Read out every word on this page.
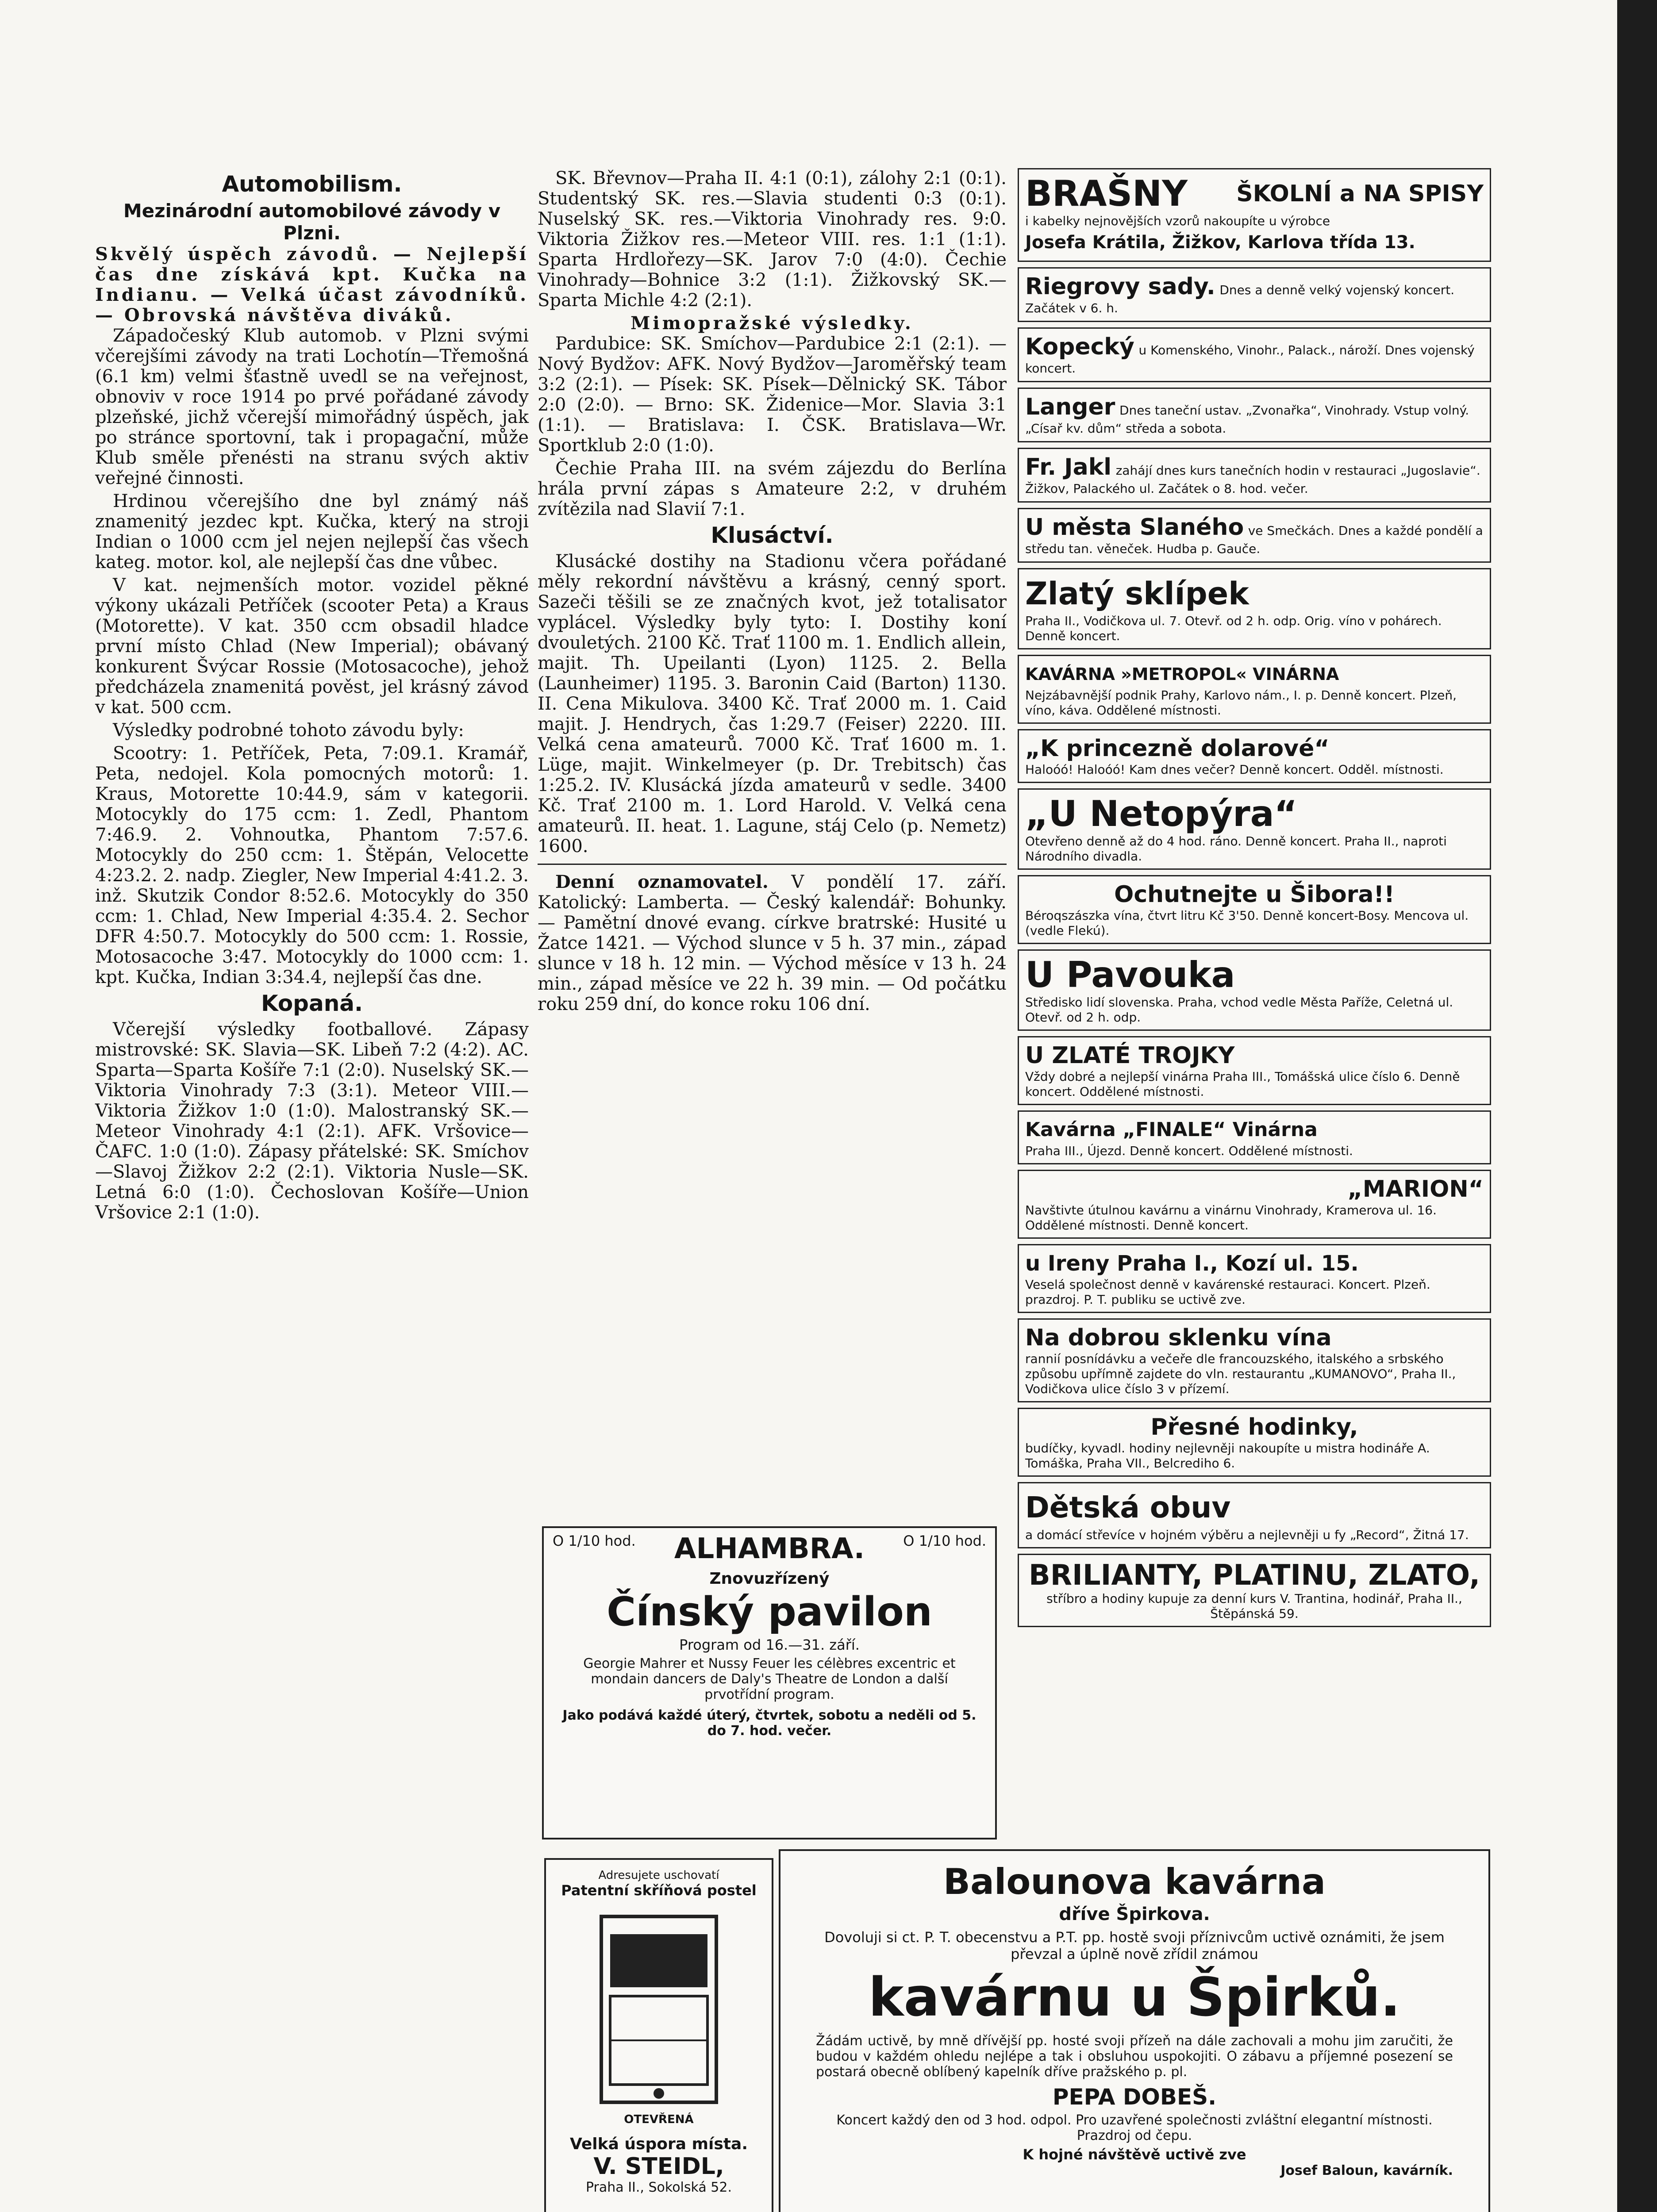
Automobilism.
Mezinárodní automobilové závody v Plzni.
Skvělý úspěch závodů. — Nejlepší čas dne získává kpt. Kučka na Indianu. — Velká účast závodníků. — Obrovská návštěva diváků.

Západočeský Klub automob. v Plzni svými včerejšími závody na trati Lochotín—Třemošná (6.1 km) velmi šťastně uvedl se na veřejnost, obnoviv v roce 1914 po prvé pořádané závody plzeňské, jichž včerejší mimořádný úspěch, jak po stránce sportovní, tak i propagační, může Klub směle přenésti na stranu svých aktiv veřejné činnosti.

Hrdinou včerejšího dne byl známý náš znamenitý jezdec kpt. Kučka, který na stroji Indian o 1000 ccm jel nejen nejlepší čas všech kateg. motor. kol, ale nejlepší čas dne vůbec.

V kat. nejmenších motor. vozidel pěkné výkony ukázali Petříček (scooter Peta) a Kraus (Motorette). V kat. 350 ccm obsadil hladce první místo Chlad (New Imperial); obávaný konkurent Švýcar Rossie (Motosacoche), jehož předcházela znamenitá pověst, jel krásný závod v kat. 500 ccm.

Výsledky podrobné tohoto závodu byly:

Scootry: 1. Petříček, Peta, 7:09.1. Kramář, Peta, nedojel. Kola pomocných motorů: 1. Kraus, Motorette 10:44.9, sám v kategorii. Motocykly do 175 ccm: 1. Zedl, Phantom 7:46.9. 2. Vohnoutka, Phantom 7:57.6. Motocykly do 250 ccm: 1. Štěpán, Velocette 4:23.2. 2. nadp. Ziegler, New Imperial 4:41.2. 3. inž. Skutzik Condor 8:52.6. Motocykly do 350 ccm: 1. Chlad, New Imperial 4:35.4. 2. Sechor DFR 4:50.7. Motocykly do 500 ccm: 1. Rossie, Motosacoche 3:47. Motocykly do 1000 ccm: 1. kpt. Kučka, Indian 3:34.4, nejlepší čas dne.

Kopaná.

Včerejší výsledky footballové. Zápasy mistrovské: SK. Slavia—SK. Libeň 7:2 (4:2). AC. Sparta—Sparta Košíře 7:1 (2:0). Nuselský SK.—Viktoria Vinohrady 7:3 (3:1). Meteor VIII.—Viktoria Žižkov 1:0 (1:0). Malostranský SK.—Meteor Vinohrady 4:1 (2:1). AFK. Vršovice—ČAFC. 1:0 (1:0). Zápasy přátelské: SK. Smíchov—Slavoj Žižkov 2:2 (2:1). Viktoria Nusle—SK. Letná 6:0 (1:0). Čechoslovan Košíře—Union Vršovice 2:1 (1:0).

SK. Břevnov—Praha II. 4:1 (0:1), zálohy 2:1 (0:1). Studentský SK. res.—Slavia studenti 0:3 (0:1). Nuselský SK. res.—Viktoria Vinohrady res. 9:0. Viktoria Žižkov res.—Meteor VIII. res. 1:1 (1:1). Sparta Hrdlořezy—SK. Jarov 7:0 (4:0). Čechie Vinohrady—Bohnice 3:2 (1:1). Žižkovský SK.—Sparta Michle 4:2 (2:1).

Mimopražské výsledky.

Pardubice: SK. Smíchov—Pardubice 2:1 (2:1). — Nový Bydžov: AFK. Nový Bydžov—Jaroměřský team 3:2 (2:1). — Písek: SK. Písek—Dělnický SK. Tábor 2:0 (2:0). — Brno: SK. Židenice—Mor. Slavia 3:1 (1:1). — Bratislava: I. ČSK. Bratislava—Wr. Sportklub 2:0 (1:0).

Čechie Praha III. na svém zájezdu do Berlína hrála první zápas s Amateure 2:2, v druhém zvítězila nad Slavií 7:1.

Klusáctví.

Klusácké dostihy na Stadionu včera pořádané měly rekordní návštěvu a krásný, cenný sport. Sazeči těšili se ze značných kvot, jež totalisator vyplácel. Výsledky byly tyto: I. Dostihy koní dvouletých. 2100 Kč. Trať 1100 m. 1. Endlich allein, majit. Th. Upeilanti (Lyon) 1125. 2. Bella (Launheimer) 1195. 3. Baronin Caid (Barton) 1130. II. Cena Mikulova. 3400 Kč. Trať 2000 m. 1. Caid majit. J. Hendrych, čas 1:29.7 (Feiser) 2220. III. Velká cena amateurů. 7000 Kč. Trať 1600 m. 1. Lüge, majit. Winkelmeyer (p. Dr. Trebitsch) čas 1:25.2. IV. Klusácká jízda amateurů v sedle. 3400 Kč. Trať 2100 m. 1. Lord Harold. V. Velká cena amateurů. II. heat. 1. Lagune, stáj Celo (p. Nemetz) 1600.

Denní oznamovatel. V pondělí 17. září. Katolický: Lamberta. — Český kalendář: Bohunky. — Pamětní dnové evang. církve bratrské: Husité u Žatce 1421. — Východ slunce v 5 h. 37 min., západ slunce v 18 h. 12 min. — Východ měsíce v 13 h. 24 min., západ měsíce ve 22 h. 39 min. — Od počátku roku 259 dní, do konce roku 106 dní.

BRAŠNY ŠKOLNÍ a NA SPISY
i kabelky nejnovějších vzorů nakoupíte u výrobce
Josefa Krátila, Žižkov, Karlova třída 13.
Riegrovy sady. Dnes a denně velký vojenský koncert. Začátek v 6. h.
Kopecký u Komenského, Vinohr., Palack., nároží. Dnes vojenský koncert.
Langer Dnes taneční ustav. „Zvonařka“, Vinohrady. Vstup volný. „Císař kv. dům“ středa a sobota.
Fr. Jakl zahájí dnes kurs tanečních hodin v restauraci „Jugoslavie“. Žižkov, Palackého ul. Začátek o 8. hod. večer.
U města Slaného ve Smečkách. Dnes a každé pondělí a středu tan. věneček. Hudba p. Gauče.
Zlatý sklípek
Praha II., Vodičkova ul. 7. Otevř. od 2 h. odp. Orig. víno v pohárech. Denně koncert.
KAVÁRNA »METROPOL« VINÁRNA
Nejzábavnější podnik Prahy, Karlovo nám., I. p. Denně koncert. Plzeň, víno, káva. Oddělené místnosti.
„K princezně dolarové“
Haloóó! Haloóó! Kam dnes večer? Denně koncert. Odděl. místnosti.
„U Netopýra“
Otevřeno denně až do 4 hod. ráno. Denně koncert. Praha II., naproti Národního divadla.
Ochutnejte u Šibora!!
Béroqszászka vína, čtvrt litru Kč 3'50. Denně koncert-Bosy. Mencova ul. (vedle Flekú).
U Pavouka
Středisko lidí slovenska. Praha, vchod vedle Města Paříže, Celetná ul. Otevř. od 2 h. odp.
U ZLATÉ TROJKY
Vždy dobré a nejlepší vinárna Praha III., Tomášská ulice číslo 6. Denně koncert. Oddělené místnosti.
Kavárna „FINALE“ Vinárna
Praha III., Újezd. Denně koncert. Oddělené místnosti.
„MARION“
Navštivte útulnou kavárnu a vinárnu Vinohrady, Kramerova ul. 16. Oddělené místnosti. Denně koncert.
u Ireny Praha I., Kozí ul. 15.
Veselá společnost denně v kavárenské restauraci. Koncert. Plzeň. prazdroj. P. T. publiku se uctivě zve.
Na dobrou sklenku vína
rannií posnídávku a večeře dle francouzského, italského a srbského způsobu upřímně zajdete do vln. restaurantu „KUMANOVO“, Praha II., Vodičkova ulice číslo 3 v přízemí.
Přesné hodinky,
budíčky, kyvadl. hodiny nejlevněji nakoupíte u mistra hodináře A. Tomáška, Praha VII., Belcrediho 6.
Dětská obuv
a domácí střevíce v hojném výběru a nejlevněji u fy „Record“, Žitná 17.
BRILIANTY, PLATINU, ZLATO,
stříbro a hodiny kupuje za denní kurs V. Trantina, hodinář, Praha II., Štěpánská 59.
O 1/10 hod. ALHAMBRA.	O 1/10 hod.
Znovuzřízený
Čínský pavilon
Program od 16.—31. září.
Georgie Mahrer et Nussy Feuer les célèbres excentric et mondain dancers de Daly's Theatre de London a další prvotřídní program.
Jako podává každé úterý, čtvrtek, sobotu a neděli od 5. do 7. hod. večer.
Adresujete uschovatí
Patentní skříňová postel
OTEVŘENÁ
Velká úspora místa.
V. STEIDL,
Praha II., Sokolská 52.
Balounova kavárna
dříve Špirkova.
Dovoluji si ct. P. T. obecenstvu a P.T. pp. hostě svoji příznivcům uctivě oznámiti, že jsem převzal a úplně nově zřídil známou
kavárnu u Špirků.
Žádám uctivě, by mně dřívější pp. hosté svoji přízeň na dále zachovali a mohu jim zaručiti, že budou v každém ohledu nejlépe a tak i obsluhou uspokojiti. O zábavu a příjemné posezení se postará obecně oblíbený kapelník dříve pražského p. pl.
PEPA DOBEŠ.
Koncert každý den od 3 hod. odpol. Pro uzavřené společnosti zvláštní elegantní místnosti. Prazdroj od čepu.
K hojné návštěvě uctivě zve
Josef Baloun, kavárník.
